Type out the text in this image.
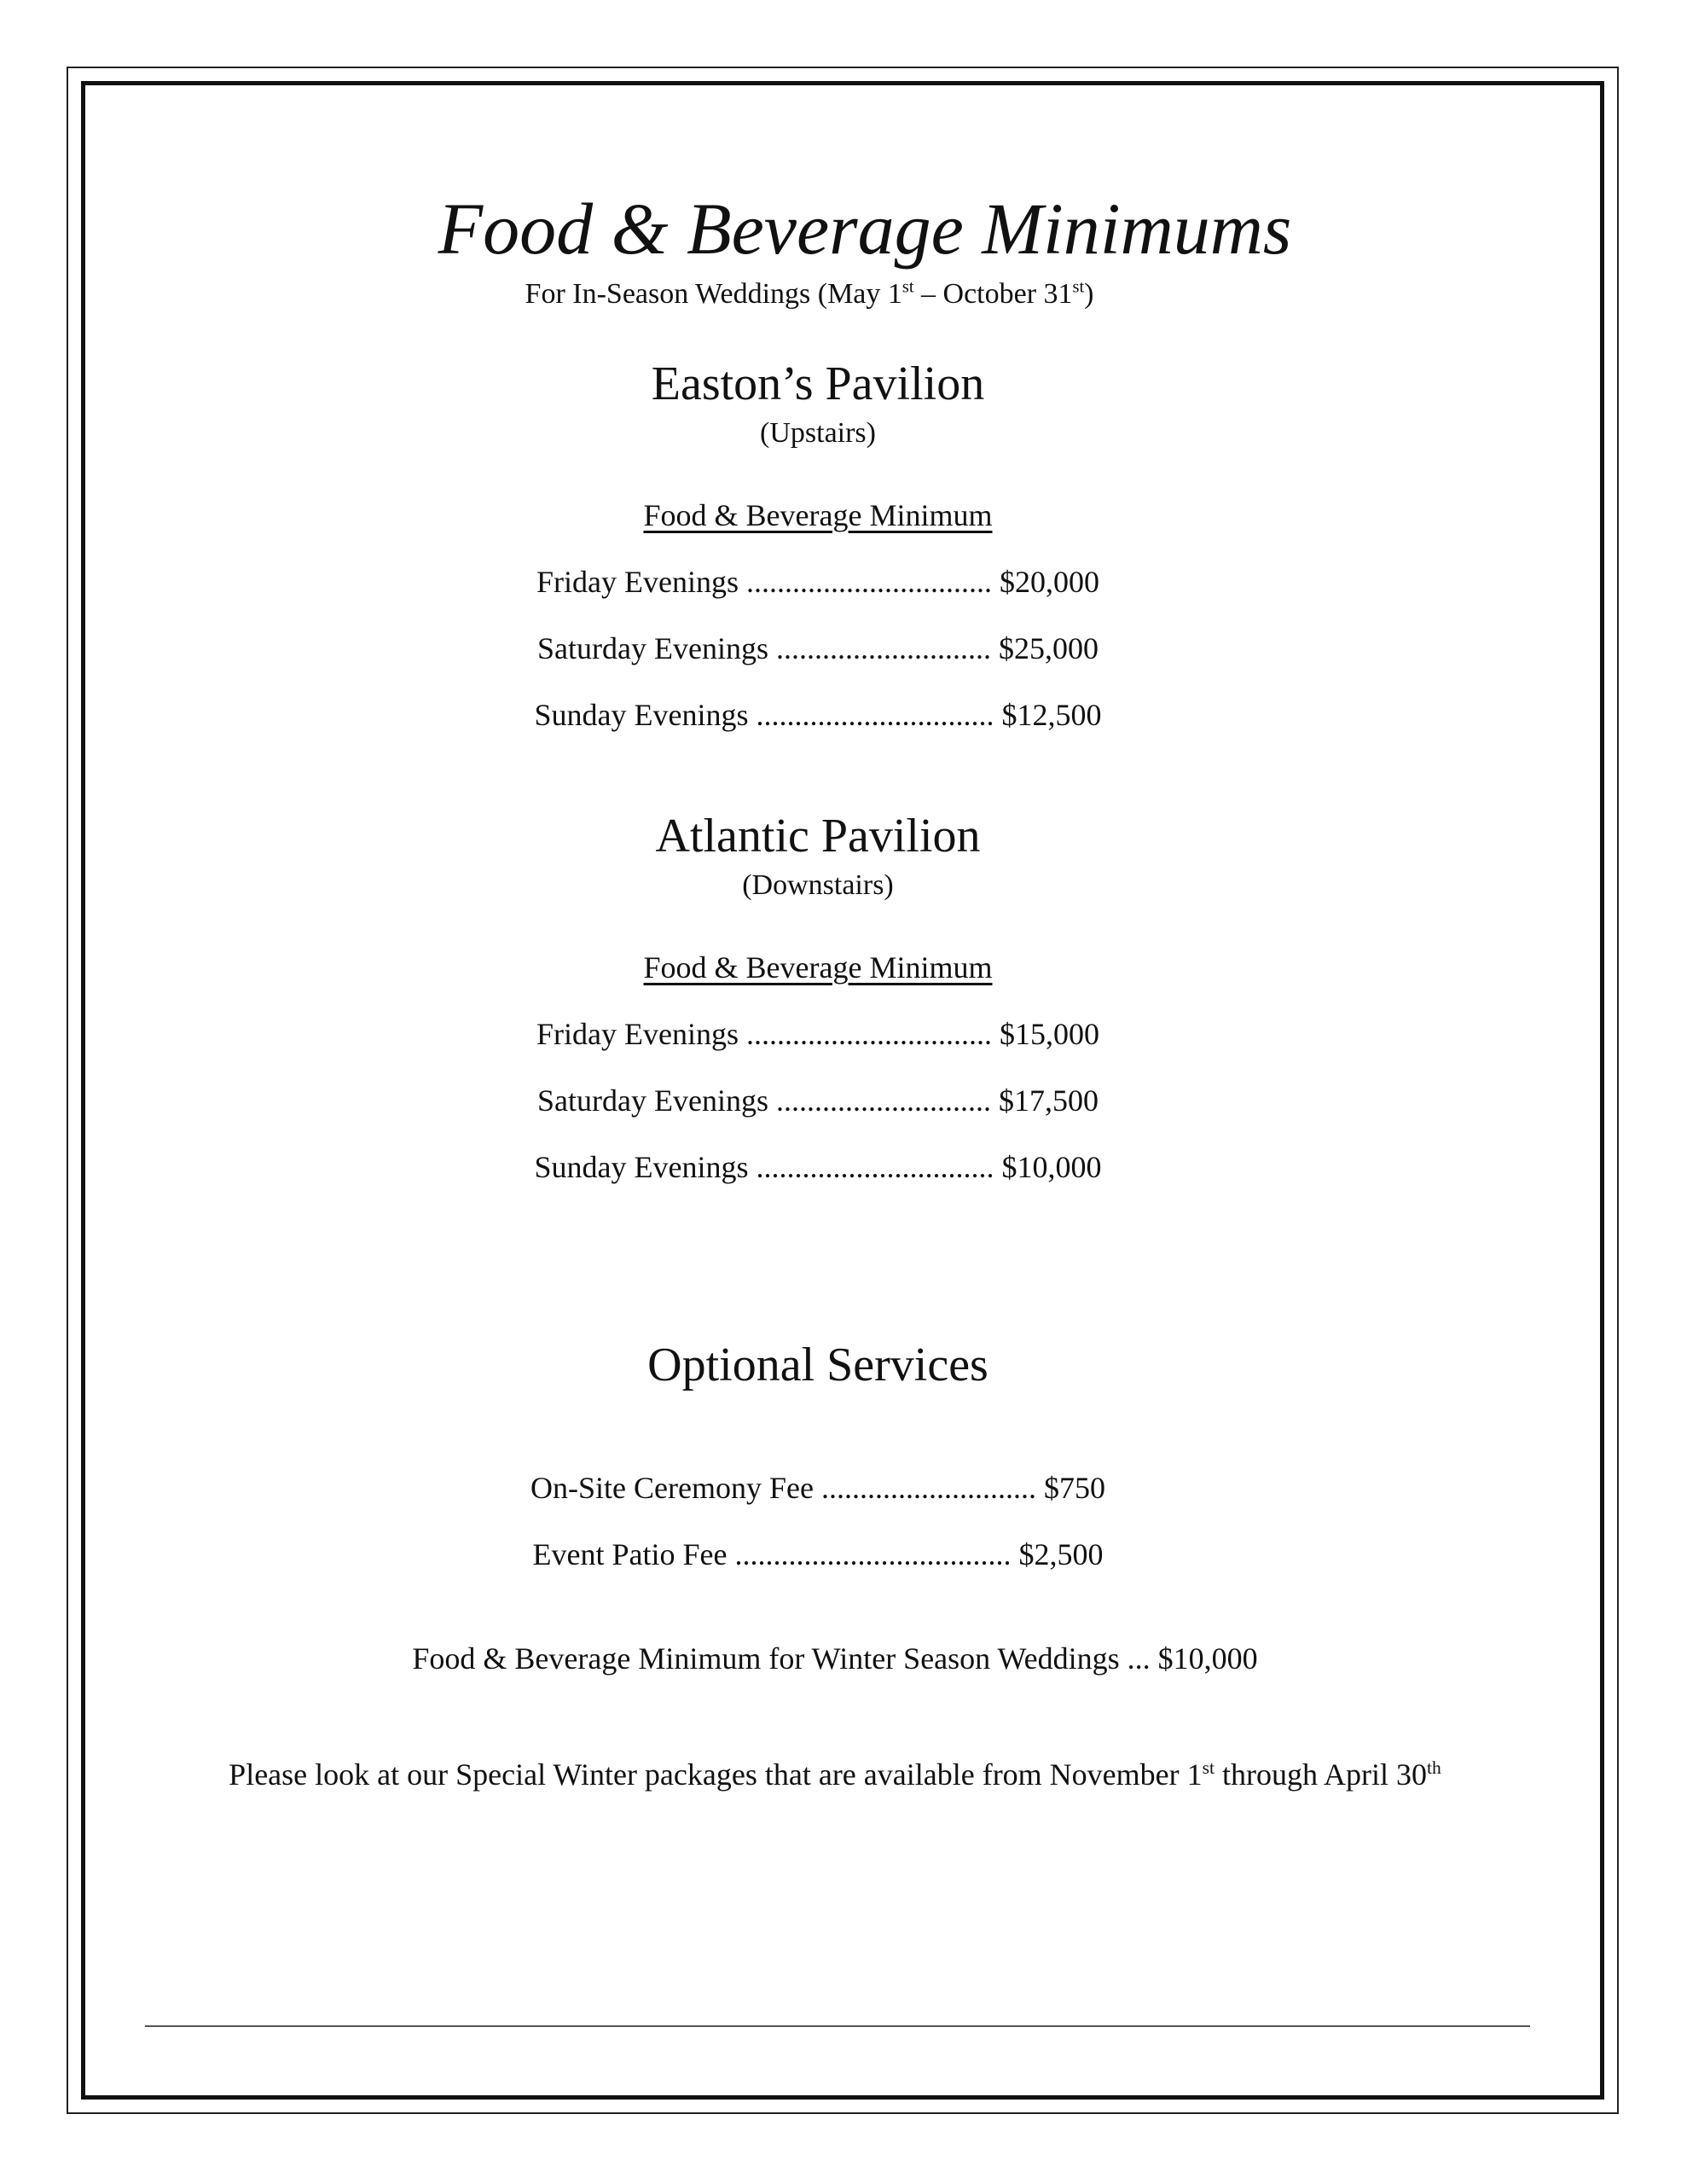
Food & Beverage Minimums
For In-Season Weddings (May 1st – October 31st)
Easton’s Pavilion
(Upstairs)
Food & Beverage Minimum
Friday Evenings ................................ $20,000
Saturday Evenings ............................ $25,000
Sunday Evenings ............................... $12,500
Atlantic Pavilion
(Downstairs)
Food & Beverage Minimum
Friday Evenings ................................ $15,000
Saturday Evenings ............................ $17,500
Sunday Evenings ............................... $10,000
Optional Services
On-Site Ceremony Fee ............................ $750
Event Patio Fee .................................... $2,500
Food & Beverage Minimum for Winter Season Weddings ... $10,000
Please look at our Special Winter packages that are available from November 1st through April 30th
